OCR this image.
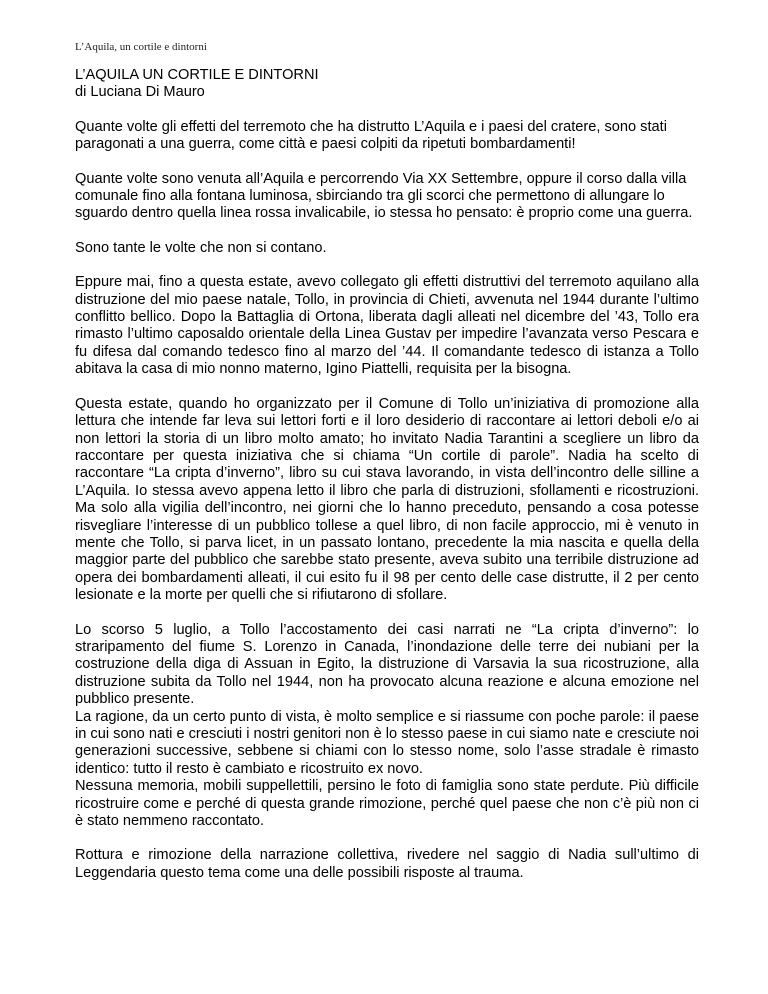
L’Aquila, un cortile e dintorni
L’AQUILA UN CORTILE E DINTORNI

di Luciana Di Mauro

Quante volte gli effetti del terremoto che ha distrutto L’Aquila e i paesi del cratere, sono stati paragonati a una guerra, come città e paesi colpiti da ripetuti bombardamenti!

Quante volte sono venuta all’Aquila e percorrendo Via XX Settembre, oppure il corso dalla villa comunale fino alla fontana luminosa, sbirciando tra gli scorci che permettono di allungare lo sguardo dentro quella linea rossa invalicabile, io stessa ho pensato: è proprio come una guerra.

Sono tante le volte che non si contano.

Eppure mai, fino a questa estate, avevo collegato gli effetti distruttivi del terremoto aquilano alla distruzione del mio paese natale, Tollo, in provincia di Chieti, avvenuta nel 1944 durante l’ultimo conflitto bellico. Dopo la Battaglia di Ortona, liberata dagli alleati nel dicembre del ’43, Tollo era rimasto l’ultimo caposaldo orientale della Linea Gustav per impedire l’avanzata verso Pescara e fu difesa dal comando tedesco fino al marzo del ’44. Il comandante tedesco di istanza a Tollo abitava la casa di mio nonno materno, Igino Piattelli, requisita per la bisogna.

Questa estate, quando ho organizzato per il Comune di Tollo un’iniziativa di promozione alla lettura che intende far leva sui lettori forti e il loro desiderio di raccontare ai lettori deboli e/o ai non lettori la storia di un libro molto amato; ho invitato Nadia Tarantini a scegliere un libro da raccontare per questa iniziativa che si chiama “Un cortile di parole”. Nadia ha scelto di raccontare “La cripta d’inverno”, libro su cui stava lavorando, in vista dell’incontro delle silline a L’Aquila. Io stessa avevo appena letto il libro che parla di distruzioni, sfollamenti e ricostruzioni. Ma solo alla vigilia dell’incontro, nei giorni che lo hanno preceduto, pensando a cosa potesse risvegliare l’interesse di un pubblico tollese a quel libro, di non facile approccio, mi è venuto in mente che Tollo, si parva licet, in un passato lontano, precedente la mia nascita e quella della maggior parte del pubblico che sarebbe stato presente, aveva subito una terribile distruzione ad opera dei bombardamenti alleati, il cui esito fu il 98 per cento delle case distrutte, il 2 per cento lesionate e la morte per quelli che si rifiutarono di sfollare.

Lo scorso 5 luglio, a Tollo l’accostamento dei casi narrati ne “La cripta d’inverno”: lo straripamento del fiume S. Lorenzo in Canada, l’inondazione delle terre dei nubiani per la costruzione della diga di Assuan in Egito, la distruzione di Varsavia la sua ricostruzione, alla distruzione subita da Tollo nel 1944, non ha provocato alcuna reazione e alcuna emozione nel pubblico presente.

La ragione, da un certo punto di vista, è molto semplice e si riassume con poche parole: il paese in cui sono nati e cresciuti i nostri genitori non è lo stesso paese in cui siamo nate e cresciute noi generazioni successive, sebbene si chiami con lo stesso nome, solo l’asse stradale è rimasto identico: tutto il resto è cambiato e ricostruito ex novo.

Nessuna memoria, mobili suppellettili, persino le foto di famiglia sono state perdute. Più difficile ricostruire come e perché di questa grande rimozione, perché quel paese che non c’è più non ci è stato nemmeno raccontato.

Rottura e rimozione della narrazione collettiva, rivedere nel saggio di Nadia sull’ultimo di Leggendaria questo tema come una delle possibili risposte al trauma.
